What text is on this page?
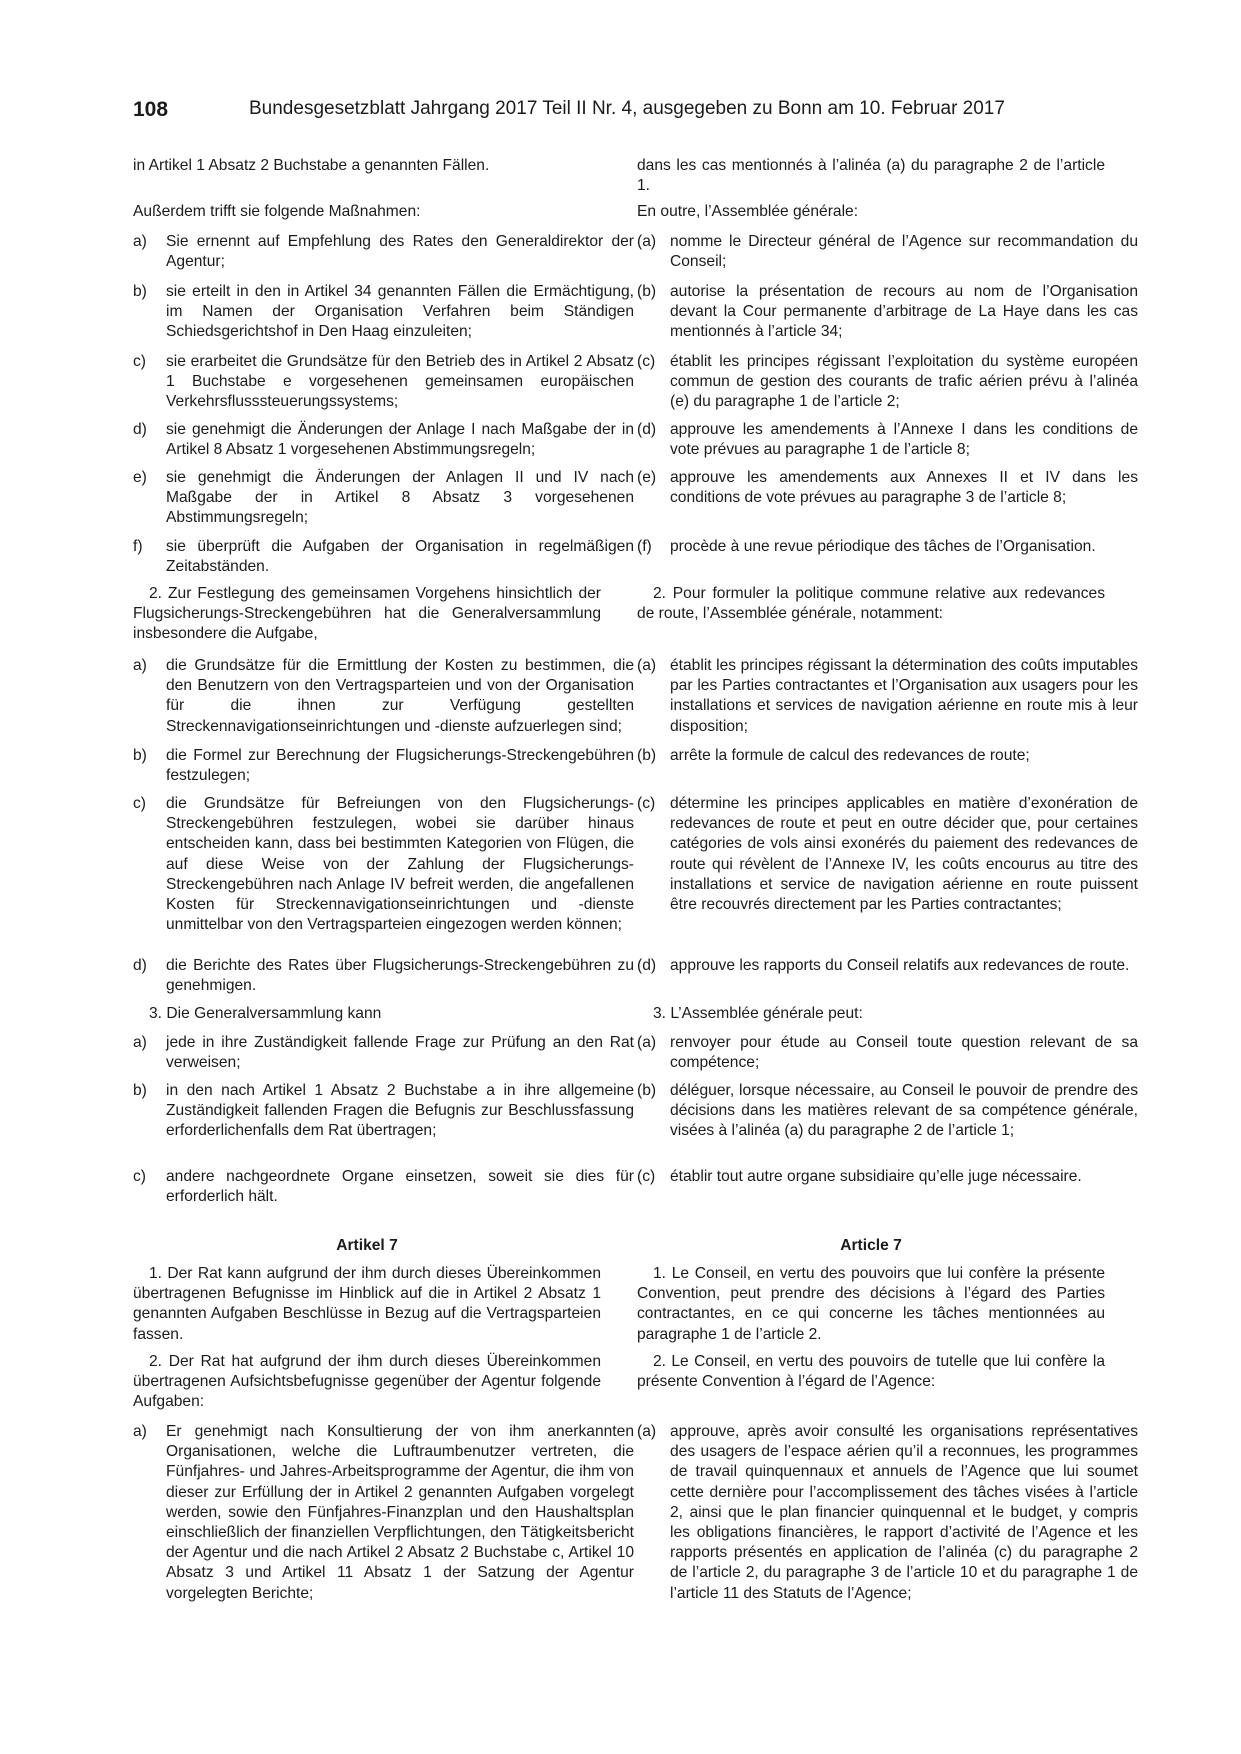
108	Bundesgesetzblatt Jahrgang 2017 Teil II Nr. 4, ausgegeben zu Bonn am 10. Februar 2017
in Artikel 1 Absatz 2 Buchstabe a genannten Fällen.
Außerdem trifft sie folgende Maßnahmen:
a) Sie ernennt auf Empfehlung des Rates den Generaldirektor der Agentur;
b) sie erteilt in den in Artikel 34 genannten Fällen die Ermächtigung, im Namen der Organisation Verfahren beim Ständigen Schiedsgerichtshof in Den Haag einzuleiten;
c) sie erarbeitet die Grundsätze für den Betrieb des in Artikel 2 Absatz 1 Buchstabe e vorgesehenen gemeinsamen europäischen Verkehrsflusssteuerungssystems;
d) sie genehmigt die Änderungen der Anlage I nach Maßgabe der in Artikel 8 Absatz 1 vorgesehenen Abstimmungsregeln;
e) sie genehmigt die Änderungen der Anlagen II und IV nach Maßgabe der in Artikel 8 Absatz 3 vorgesehenen Abstimmungsregeln;
f) sie überprüft die Aufgaben der Organisation in regelmäßigen Zeitabständen.
2. Zur Festlegung des gemeinsamen Vorgehens hinsichtlich der Flugsicherungs-Streckengebühren hat die Generalversammlung insbesondere die Aufgabe,
a) die Grundsätze für die Ermittlung der Kosten zu bestimmen, die den Benutzern von den Vertragsparteien und von der Organisation für die ihnen zur Verfügung gestellten Streckennavigationseinrichtungen und -dienste aufzuerlegen sind;
b) die Formel zur Berechnung der Flugsicherungs-Streckengebühren festzulegen;
c) die Grundsätze für Befreiungen von den Flugsicherungs-Streckengebühren festzulegen, wobei sie darüber hinaus entscheiden kann, dass bei bestimmten Kategorien von Flügen, die auf diese Weise von der Zahlung der Flugsicherungs-Streckengebühren nach Anlage IV befreit werden, die angefallenen Kosten für Streckennavigationseinrichtungen und -dienste unmittelbar von den Vertragsparteien eingezogen werden können;
d) die Berichte des Rates über Flugsicherungs-Streckengebühren zu genehmigen.
3. Die Generalversammlung kann
a) jede in ihre Zuständigkeit fallende Frage zur Prüfung an den Rat verweisen;
b) in den nach Artikel 1 Absatz 2 Buchstabe a in ihre allgemeine Zuständigkeit fallenden Fragen die Befugnis zur Beschlussfassung erforderlichenfalls dem Rat übertragen;
c) andere nachgeordnete Organe einsetzen, soweit sie dies für erforderlich hält.
Artikel 7
1. Der Rat kann aufgrund der ihm durch dieses Übereinkommen übertragenen Befugnisse im Hinblick auf die in Artikel 2 Absatz 1 genannten Aufgaben Beschlüsse in Bezug auf die Vertragsparteien fassen.
2. Der Rat hat aufgrund der ihm durch dieses Übereinkommen übertragenen Aufsichtsbefugnisse gegenüber der Agentur folgende Aufgaben:
a) Er genehmigt nach Konsultierung der von ihm anerkannten Organisationen, welche die Luftraumbenutzer vertreten, die Fünfjahres- und Jahres-Arbeitsprogramme der Agentur, die ihm von dieser zur Erfüllung der in Artikel 2 genannten Aufgaben vorgelegt werden, sowie den Fünfjahres-Finanzplan und den Haushaltsplan einschließlich der finanziellen Verpflichtungen, den Tätigkeitsbericht der Agentur und die nach Artikel 2 Absatz 2 Buchstabe c, Artikel 10 Absatz 3 und Artikel 11 Absatz 1 der Satzung der Agentur vorgelegten Berichte;
dans les cas mentionnés à l’alinéa (a) du paragraphe 2 de l’article 1.
En outre, l’Assemblée générale:
(a) nomme le Directeur général de l’Agence sur recommandation du Conseil;
(b) autorise la présentation de recours au nom de l’Organisation devant la Cour permanente d’arbitrage de La Haye dans les cas mentionnés à l’article 34;
(c) établit les principes régissant l’exploitation du système européen commun de gestion des courants de trafic aérien prévu à l’alinéa (e) du paragraphe 1 de l’article 2;
(d) approuve les amendements à l’Annexe I dans les conditions de vote prévues au paragraphe 1 de l’article 8;
(e) approuve les amendements aux Annexes II et IV dans les conditions de vote prévues au paragraphe 3 de l’article 8;
(f) procède à une revue périodique des tâches de l’Organisation.
2. Pour formuler la politique commune relative aux redevances de route, l’Assemblée générale, notamment:
(a) établit les principes régissant la détermination des coûts imputables par les Parties contractantes et l’Organisation aux usagers pour les installations et services de navigation aérienne en route mis à leur disposition;
(b) arrête la formule de calcul des redevances de route;
(c) détermine les principes applicables en matière d’exonération de redevances de route et peut en outre décider que, pour certaines catégories de vols ainsi exonérés du paiement des redevances de route qui révèlent de l’Annexe IV, les coûts encourus au titre des installations et service de navigation aérienne en route puissent être recouvrés directement par les Parties contractantes;
(d) approuve les rapports du Conseil relatifs aux redevances de route.
3. L’Assemblée générale peut:
(a) renvoyer pour étude au Conseil toute question relevant de sa compétence;
(b) déléguer, lorsque nécessaire, au Conseil le pouvoir de prendre des décisions dans les matières relevant de sa compétence générale, visées à l’alinéa (a) du paragraphe 2 de l’article 1;
(c) établir tout autre organe subsidiaire qu’elle juge nécessaire.
Article 7
1. Le Conseil, en vertu des pouvoirs que lui confère la présente Convention, peut prendre des décisions à l’égard des Parties contractantes, en ce qui concerne les tâches mentionnées au paragraphe 1 de l’article 2.
2. Le Conseil, en vertu des pouvoirs de tutelle que lui confère la présente Convention à l’égard de l’Agence:
(a) approuve, après avoir consulté les organisations représentatives des usagers de l’espace aérien qu’il a reconnues, les programmes de travail quinquennaux et annuels de l’Agence que lui soumet cette dernière pour l’accomplissement des tâches visées à l’article 2, ainsi que le plan financier quinquennal et le budget, y compris les obligations financières, le rapport d’activité de l’Agence et les rapports présentés en application de l’alinéa (c) du paragraphe 2 de l’article 2, du paragraphe 3 de l’article 10 et du paragraphe 1 de l’article 11 des Statuts de l’Agence;
